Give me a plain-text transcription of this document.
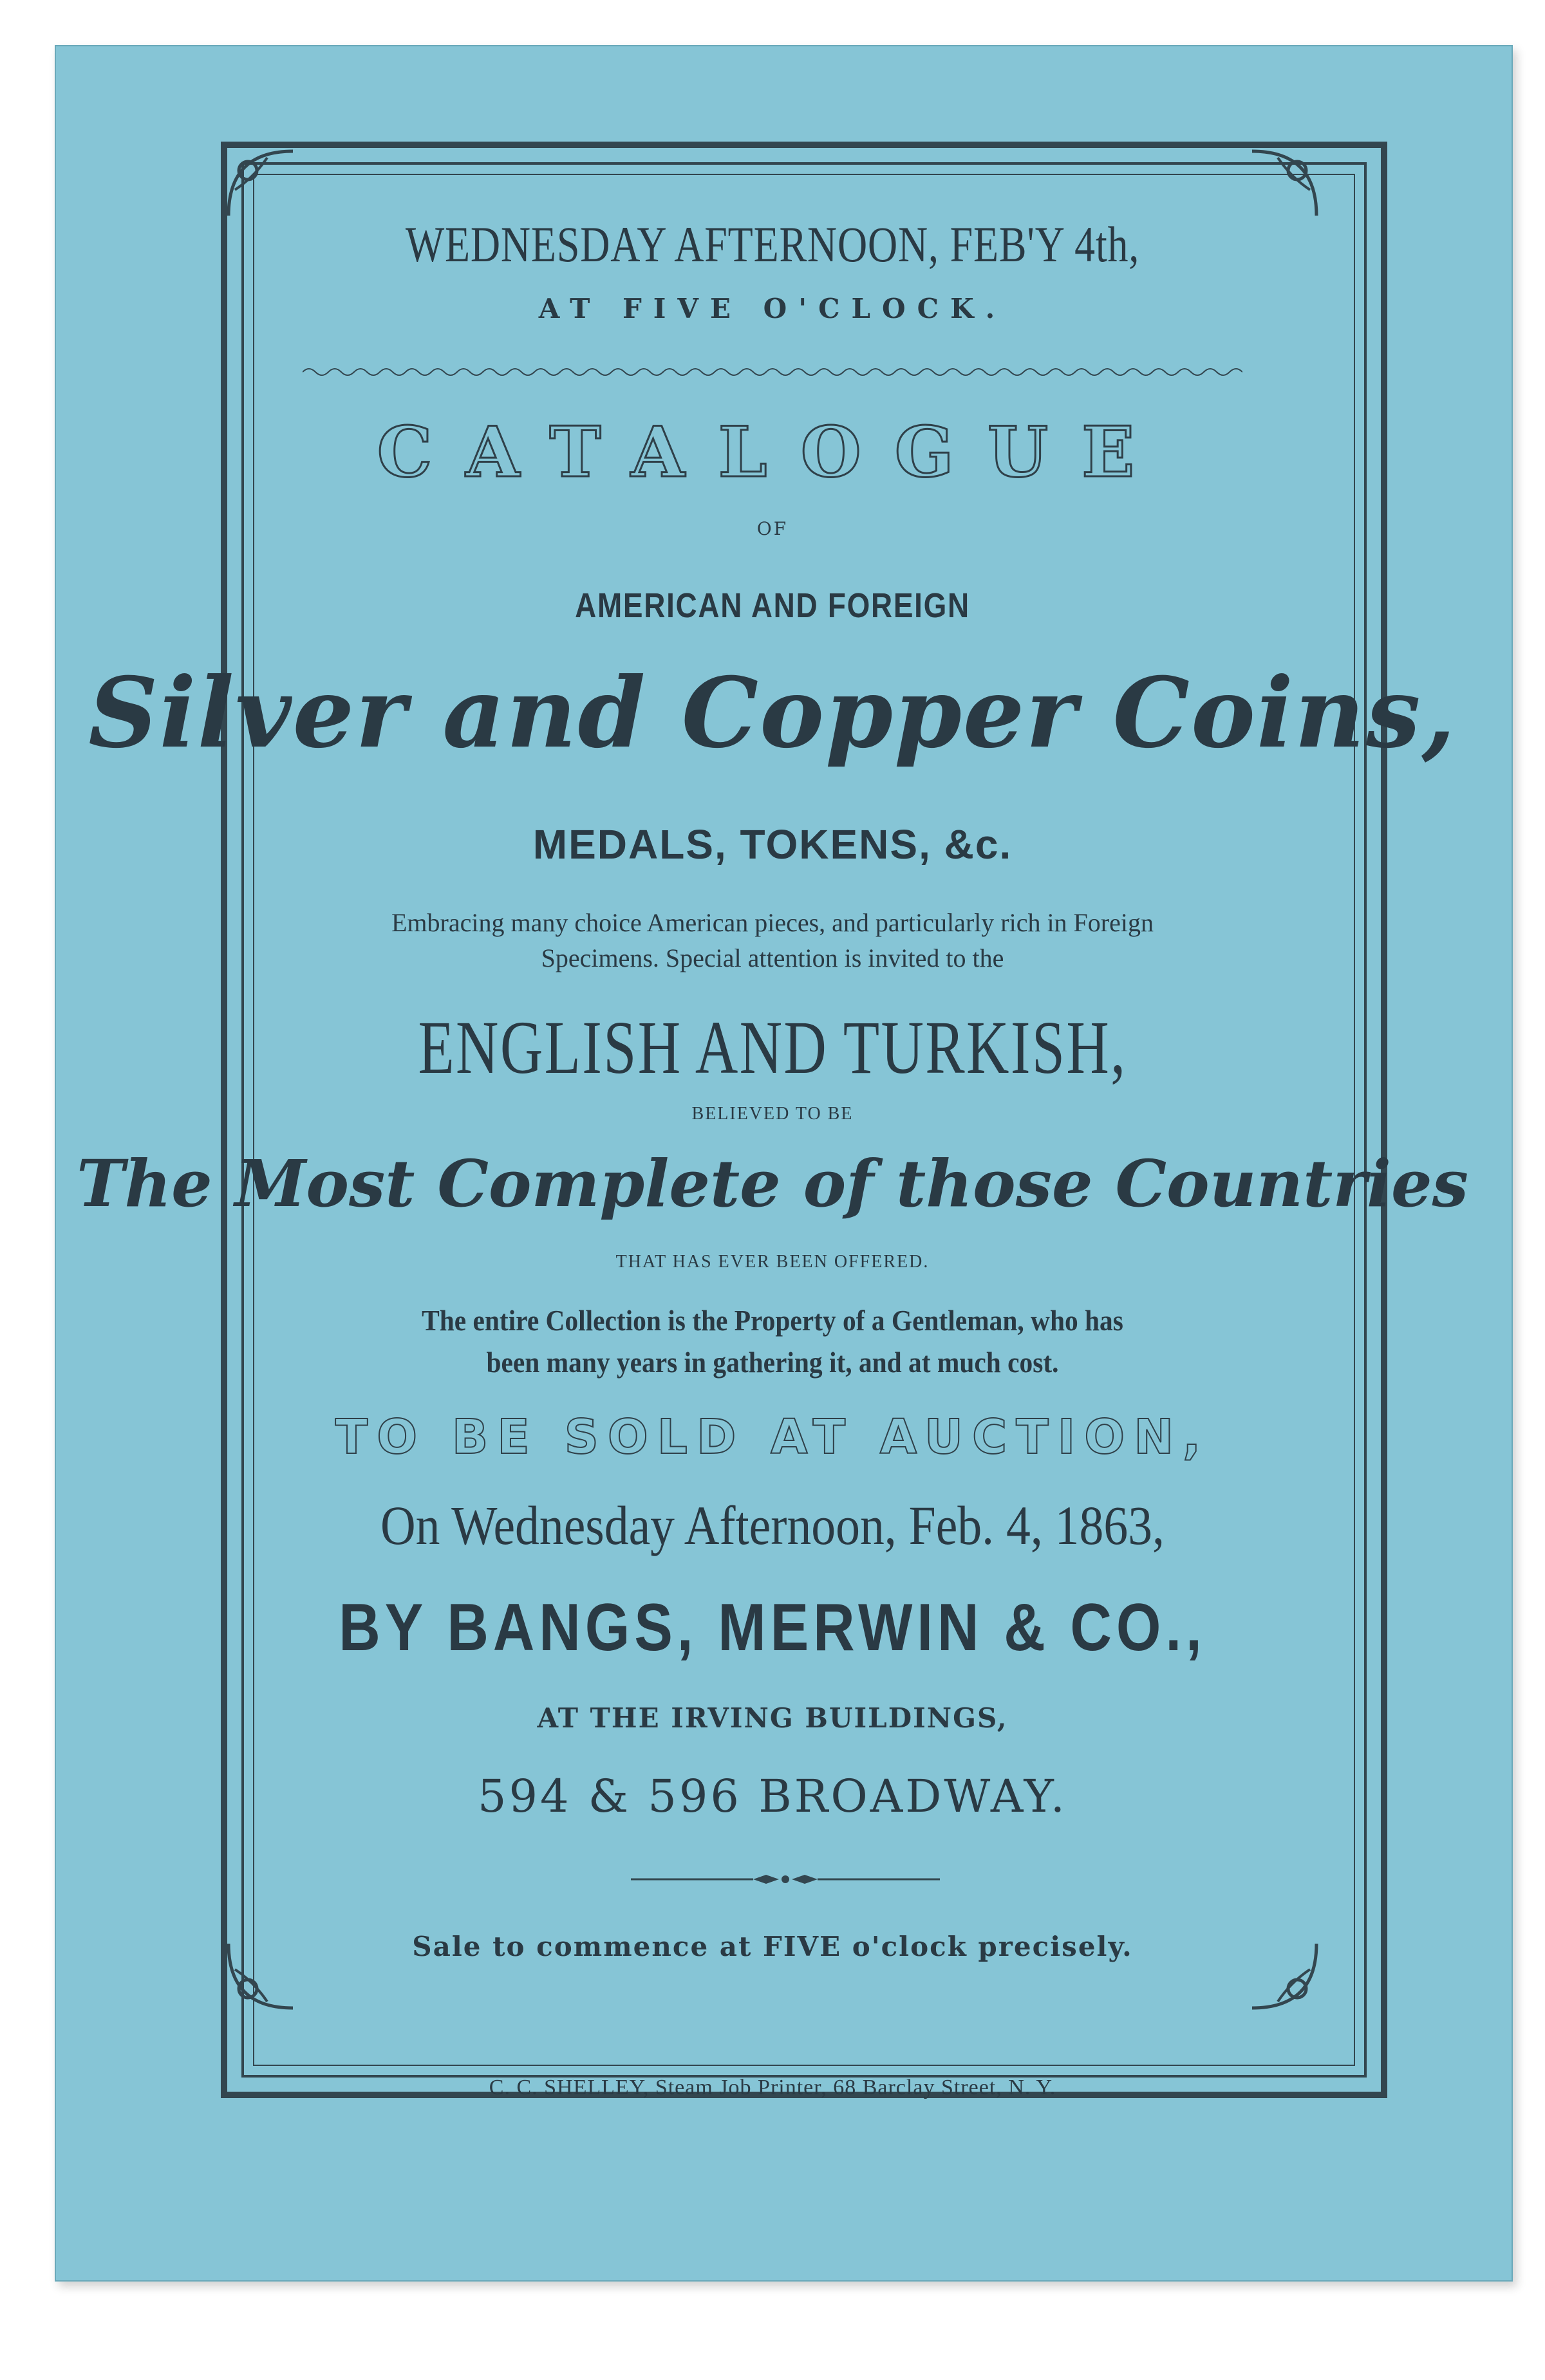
WEDNESDAY AFTERNOON, FEB'Y 4th,
AT FIVE O'CLOCK.
CATALOGUE
OF
AMERICAN AND FOREIGN
Silver and Copper Coins,
MEDALS, TOKENS, &c.
Embracing many choice American pieces, and particularly rich in Foreign
Specimens. Special attention is invited to the
ENGLISH AND TURKISH,
BELIEVED TO BE
The Most Complete of those Countries
THAT HAS EVER BEEN OFFERED.
The entire Collection is the Property of a Gentleman, who has
been many years in gathering it, and at much cost.
TO BE SOLD AT AUCTION,
On Wednesday Afternoon, Feb. 4, 1863,
BY BANGS, MERWIN & CO.,
AT THE IRVING BUILDINGS,
594 & 596 BROADWAY.
Sale to commence at FIVE o'clock precisely.
C. C. SHELLEY, Steam Job Printer, 68 Barclay Street, N. Y.
